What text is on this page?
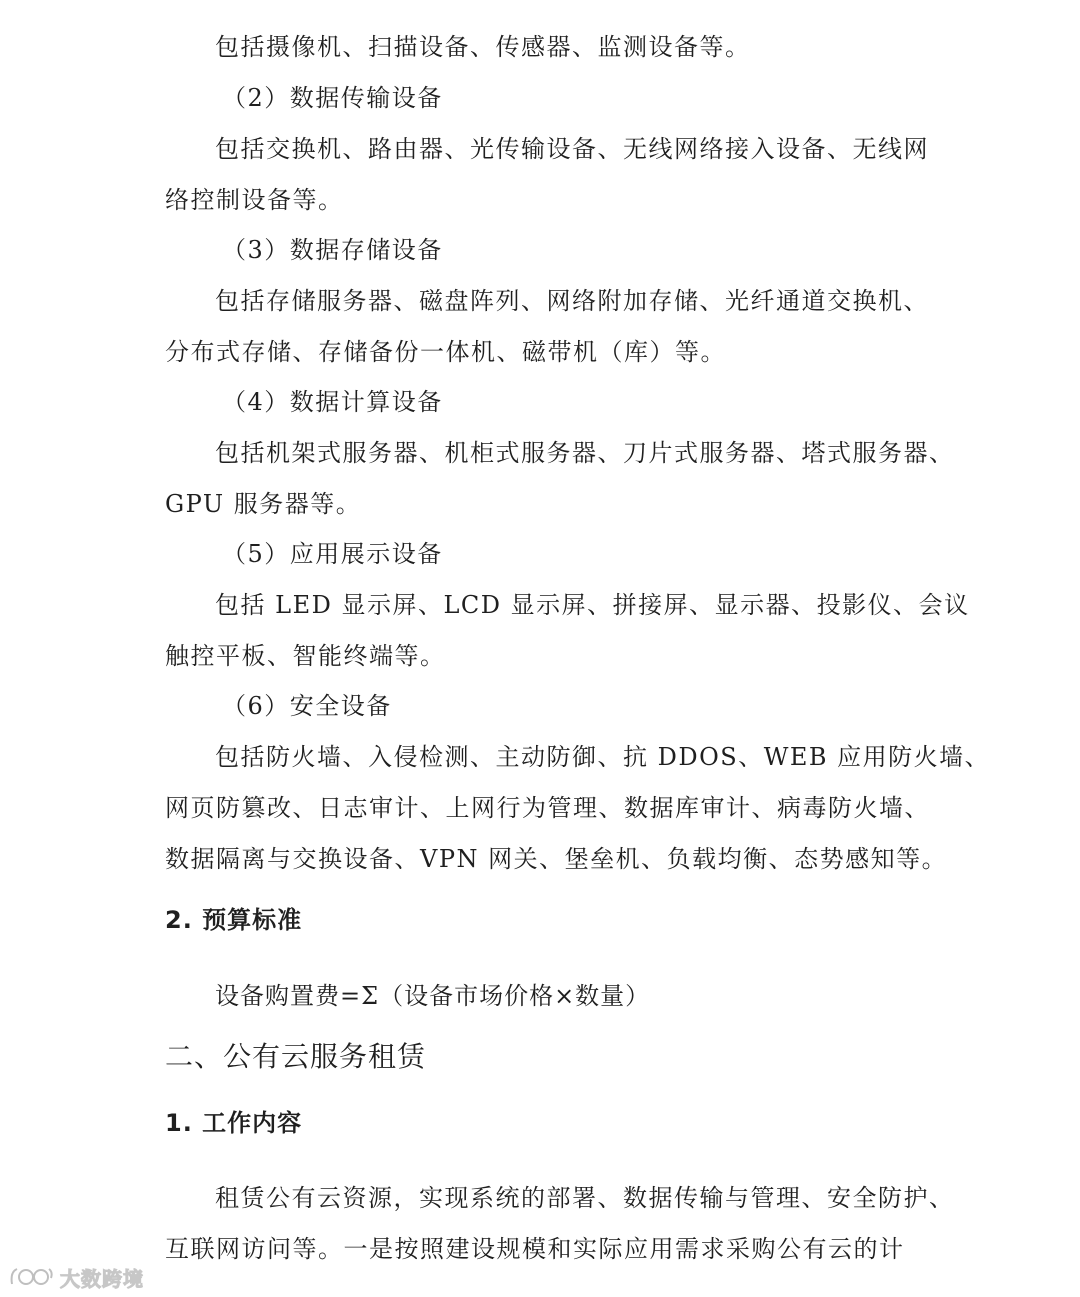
包括摄像机、扫描设备、传感器、监测设备等。
（2）数据传输设备
包括交换机、路由器、光传输设备、无线网络接入设备、无线网
络控制设备等。
（3）数据存储设备
包括存储服务器、磁盘阵列、网络附加存储、光纤通道交换机、
分布式存储、存储备份一体机、磁带机（库）等。
（4）数据计算设备
包括机架式服务器、机柜式服务器、刀片式服务器、塔式服务器、
GPU 服务器等。
（5）应用展示设备
包括 LED 显示屏、LCD 显示屏、拼接屏、显示器、投影仪、会议
触控平板、智能终端等。
（6）安全设备
包括防火墙、入侵检测、主动防御、抗 DDOS、WEB 应用防火墙、
网页防篡改、日志审计、上网行为管理、数据库审计、病毒防火墙、
数据隔离与交换设备、VPN 网关、堡垒机、负载均衡、态势感知等。
2. 预算标准
设备购置费=Σ（设备市场价格×数量）
二、公有云服务租赁
1. 工作内容
租赁公有云资源，实现系统的部署、数据传输与管理、安全防护、
互联网访问等。一是按照建设规模和实际应用需求采购公有云的计
大数跨境
